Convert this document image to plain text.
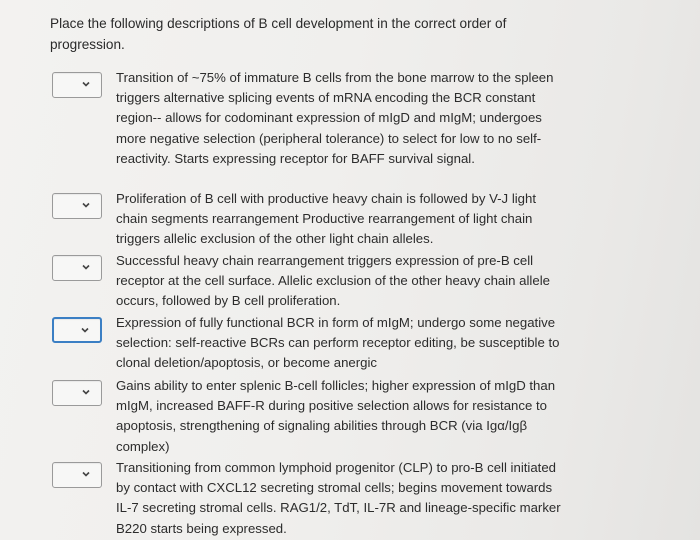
Place the following descriptions of B cell development in the correct order of progression.
Transition of ~75% of immature B cells from the bone marrow to the spleen triggers alternative splicing events of mRNA encoding the BCR constant region-- allows for codominant expression of mIgD and mIgM; undergoes more negative selection (peripheral tolerance) to select for low to no self-reactivity. Starts expressing receptor for BAFF survival signal.
Proliferation of B cell with productive heavy chain is followed by V-J light chain segments rearrangement Productive rearrangement of light chain triggers allelic exclusion of the other light chain alleles.
Successful heavy chain rearrangement triggers expression of pre-B cell receptor at the cell surface. Allelic exclusion of the other heavy chain allele occurs, followed by B cell proliferation.
Expression of fully functional BCR in form of mIgM; undergo some negative selection: self-reactive BCRs can perform receptor editing, be susceptible to clonal deletion/apoptosis, or become anergic
Gains ability to enter splenic B-cell follicles; higher expression of mIgD than mIgM, increased BAFF-R during positive selection allows for resistance to apoptosis, strengthening of signaling abilities through BCR (via Igα/Igβ complex)
Transitioning from common lymphoid progenitor (CLP) to pro-B cell initiated by contact with CXCL12 secreting stromal cells; begins movement towards IL-7 secreting stromal cells. RAG1/2, TdT, IL-7R and lineage-specific marker B220 starts being expressed.
